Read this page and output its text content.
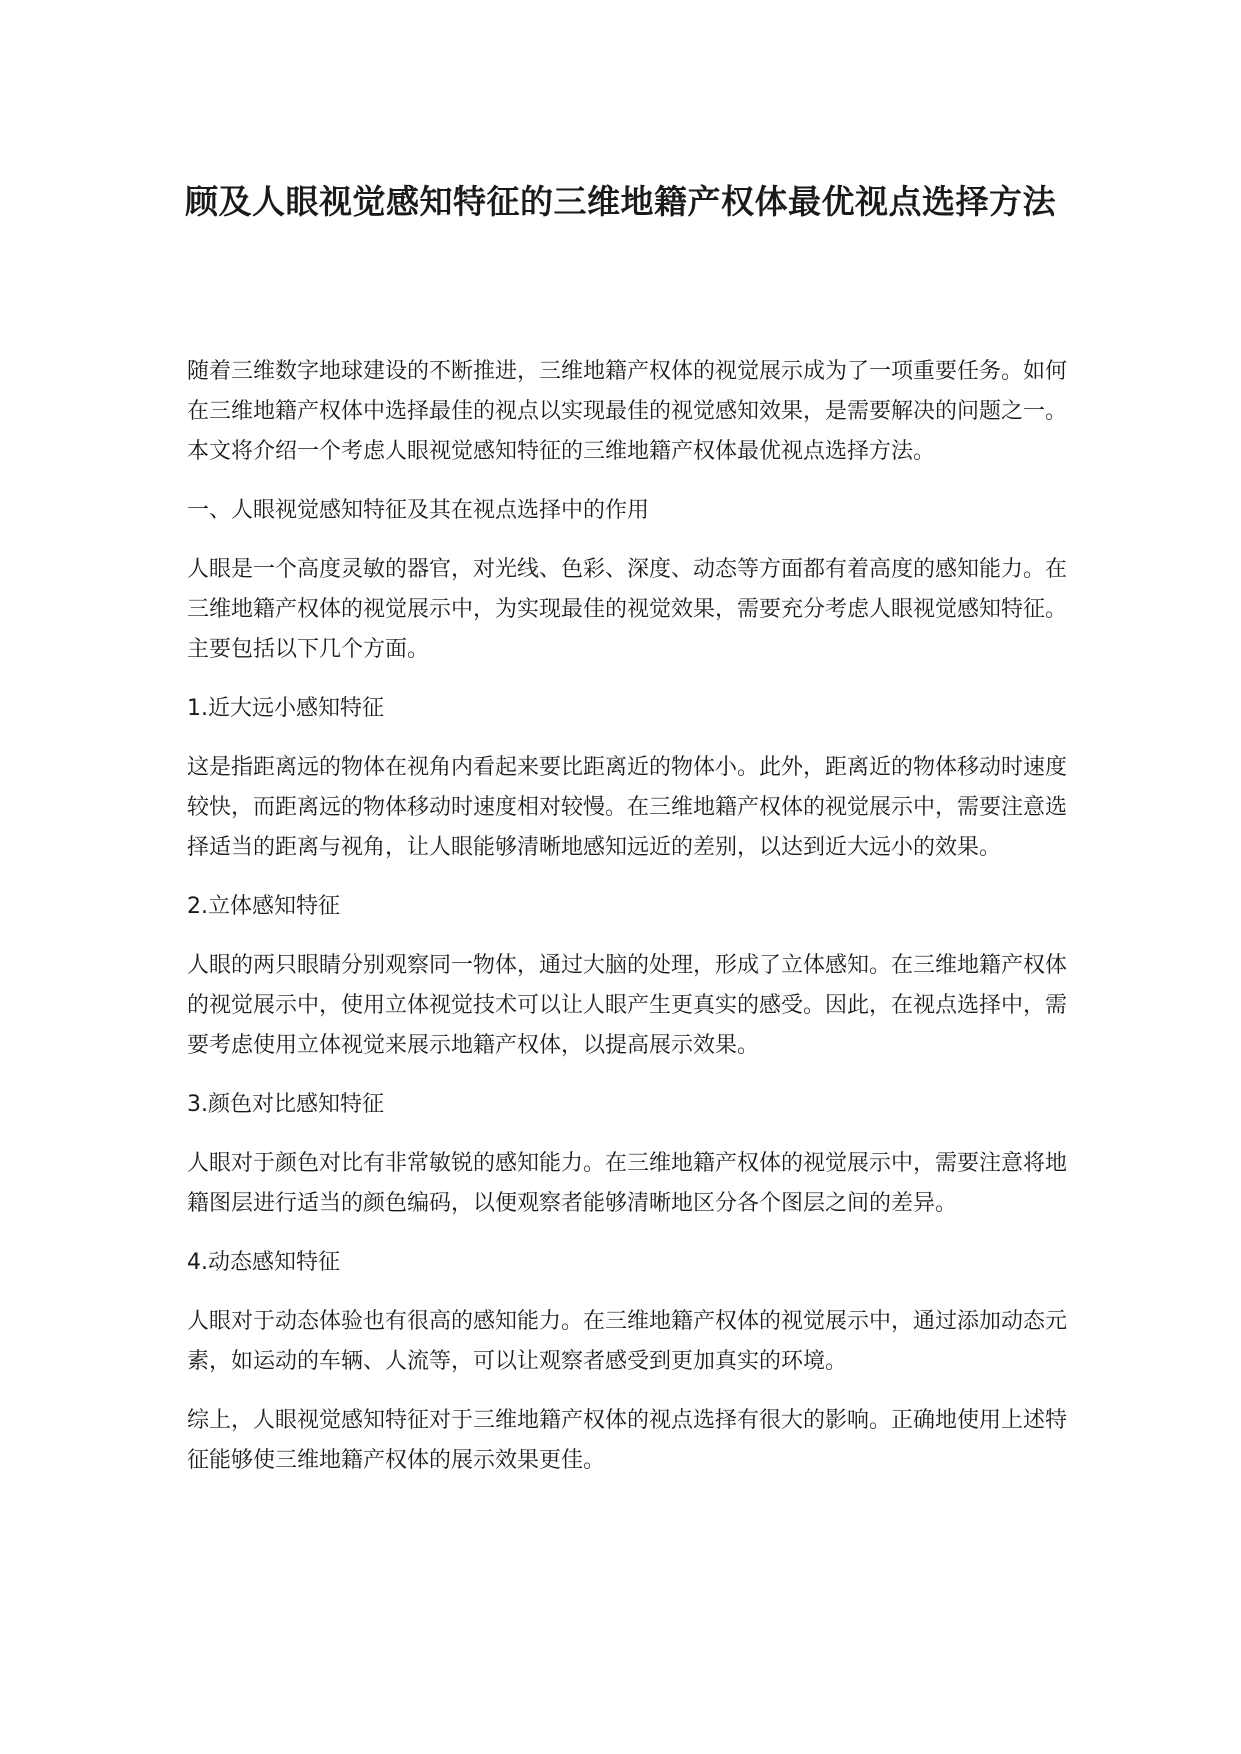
顾及人眼视觉感知特征的三维地籍产权体最优视点选择方法

随着三维数字地球建设的不断推进，三维地籍产权体的视觉展示成为了一项重要任务。如何在三维地籍产权体中选择最佳的视点以实现最佳的视觉感知效果，是需要解决的问题之一。本文将介绍一个考虑人眼视觉感知特征的三维地籍产权体最优视点选择方法。

一、人眼视觉感知特征及其在视点选择中的作用

人眼是一个高度灵敏的器官，对光线、色彩、深度、动态等方面都有着高度的感知能力。在三维地籍产权体的视觉展示中，为实现最佳的视觉效果，需要充分考虑人眼视觉感知特征。主要包括以下几个方面。

1.近大远小感知特征

这是指距离远的物体在视角内看起来要比距离近的物体小。此外，距离近的物体移动时速度较快，而距离远的物体移动时速度相对较慢。在三维地籍产权体的视觉展示中，需要注意选择适当的距离与视角，让人眼能够清晰地感知远近的差别，以达到近大远小的效果。

2.立体感知特征

人眼的两只眼睛分别观察同一物体，通过大脑的处理，形成了立体感知。在三维地籍产权体的视觉展示中，使用立体视觉技术可以让人眼产生更真实的感受。因此，在视点选择中，需要考虑使用立体视觉来展示地籍产权体，以提高展示效果。

3.颜色对比感知特征

人眼对于颜色对比有非常敏锐的感知能力。在三维地籍产权体的视觉展示中，需要注意将地籍图层进行适当的颜色编码，以便观察者能够清晰地区分各个图层之间的差异。

4.动态感知特征

人眼对于动态体验也有很高的感知能力。在三维地籍产权体的视觉展示中，通过添加动态元素，如运动的车辆、人流等，可以让观察者感受到更加真实的环境。

综上，人眼视觉感知特征对于三维地籍产权体的视点选择有很大的影响。正确地使用上述特征能够使三维地籍产权体的展示效果更佳。
